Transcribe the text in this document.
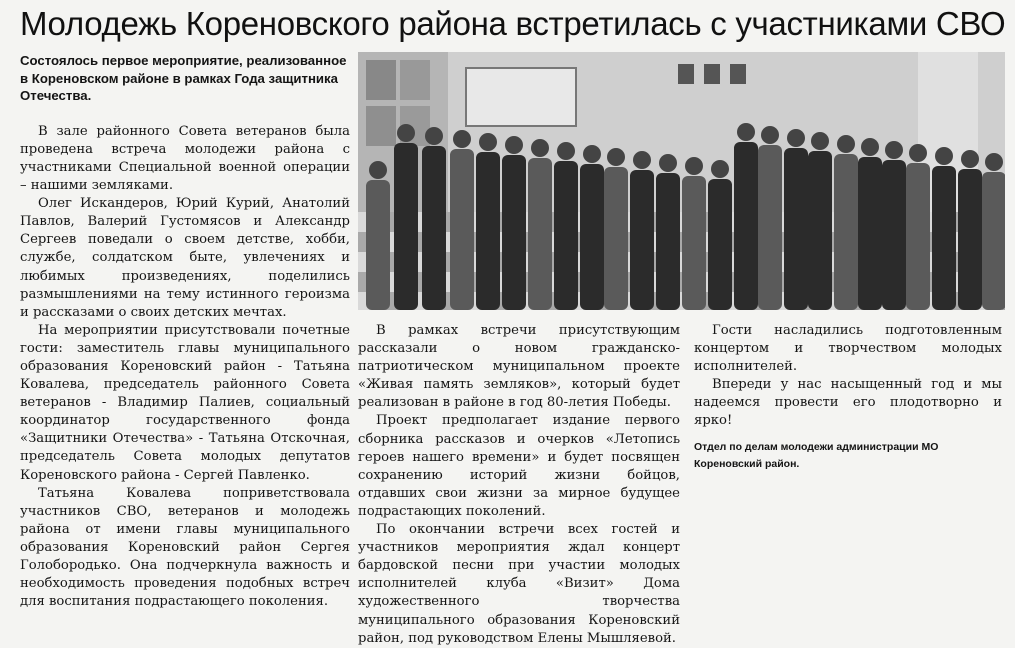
Молодежь Кореновского района встретилась с участниками СВО

Состоялось первое мероприятие, реализованное в Кореновском районе в рамках Года защитника Отечества.

В зале районного Совета ветеранов была проведена встреча молодежи района с участниками Специальной военной операции – нашими земляками.

Олег Искандеров, Юрий Курий, Анатолий Павлов, Валерий Густомясов и Александр Сергеев поведали о своем детстве, хобби, службе, солдатском быте, увлечениях и любимых произведениях, поделились размышлениями на тему истинного героизма и рассказами о своих детских мечтах.

На мероприятии присутствовали почетные гости: заместитель главы муниципального образования Кореновский район - Татьяна Ковалева, председатель районного Совета ветеранов - Владимир Палиев, социальный координатор государственного фонда «Защитники Отечества» - Татьяна Отскочная, председатель Совета молодых депутатов Кореновского района - Сергей Павленко.

Татьяна Ковалева поприветствовала участников СВО, ветеранов и молодежь района от имени главы муниципального образования Кореновский район Сергея Голобородько. Она подчеркнула важность и необходимость проведения подобных встреч для воспитания подрастающего поколения.

В рамках встречи присутствующим рассказали о новом гражданско-патриотическом муниципальном проекте «Живая память земляков», который будет реализован в районе в год 80-летия Победы.

Проект предполагает издание первого сборника рассказов и очерков «Летопись героев нашего времени» и будет посвящен сохранению историй жизни бойцов, отдавших свои жизни за мирное будущее подрастающих поколений.

По окончании встречи всех гостей и участников мероприятия ждал концерт бардовской песни при участии молодых исполнителей клуба «Визит» Дома художественного творчества муниципального образования Кореновский район, под руководством Елены Мышляевой.

Гости насладились подготовленным концертом и творчеством молодых исполнителей.

Впереди у нас насыщенный год и мы надеемся провести его плодотворно и ярко!

Отдел по делам молодежи администрации МО Кореновский район.
